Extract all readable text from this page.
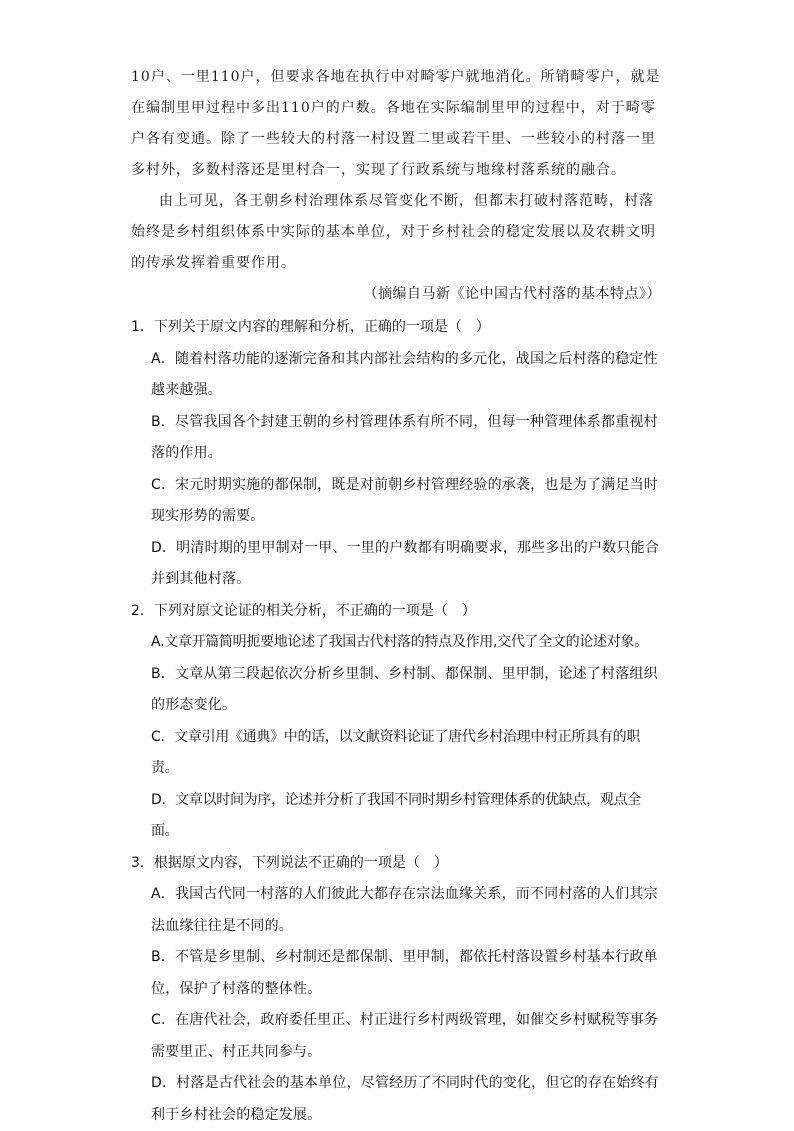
10户、一里110户，但要求各地在执行中对畸零户就地消化。所销畸零户，就是在编制里甲过程中多出110户的户数。各地在实际编制里甲的过程中，对于畸零户各有变通。除了一些较大的村落一村设置二里或若干里、一些较小的村落一里多村外，多数村落还是里村合一，实现了行政系统与地缘村落系统的融合。

由上可见，各王朝乡村治理体系尽管变化不断，但都未打破村落范畴，村落始终是乡村组织体系中实际的基本单位，对于乡村社会的稳定发展以及农耕文明的传承发挥着重要作用。

（摘编自马新《论中国古代村落的基本特点》）

1．下列关于原文内容的理解和分析，正确的一项是（　）

A．随着村落功能的逐渐完备和其内部社会结构的多元化，战国之后村落的稳定性越来越强。

B．尽管我国各个封建王朝的乡村管理体系有所不同，但每一种管理体系都重视村落的作用。

C．宋元时期实施的都保制，既是对前朝乡村管理经验的承袭，也是为了满足当时现实形势的需要。

D．明清时期的里甲制对一甲、一里的户数都有明确要求，那些多出的户数只能合并到其他村落。

2．下列对原文论证的相关分析，不正确的一项是（　）

A.文章开篇简明扼要地论述了我国古代村落的特点及作用,交代了全文的论述对象。

B．文章从第三段起依次分析乡里制、乡村制、都保制、里甲制，论述了村落组织的形态变化。

C．文章引用《通典》中的话，以文献资料论证了唐代乡村治理中村正所具有的职责。

D．文章以时间为序，论述并分析了我国不同时期乡村管理体系的优缺点，观点全面。

3．根据原文内容，下列说法不正确的一项是（　）

A．我国古代同一村落的人们彼此大都存在宗法血缘关系，而不同村落的人们其宗法血缘往往是不同的。

B．不管是乡里制、乡村制还是都保制、里甲制，都依托村落设置乡村基本行政单位，保护了村落的整体性。

C．在唐代社会，政府委任里正、村正进行乡村两级管理，如催交乡村赋税等事务需要里正、村正共同参与。

D．村落是古代社会的基本单位，尽管经历了不同时代的变化，但它的存在始终有利于乡村社会的稳定发展。
